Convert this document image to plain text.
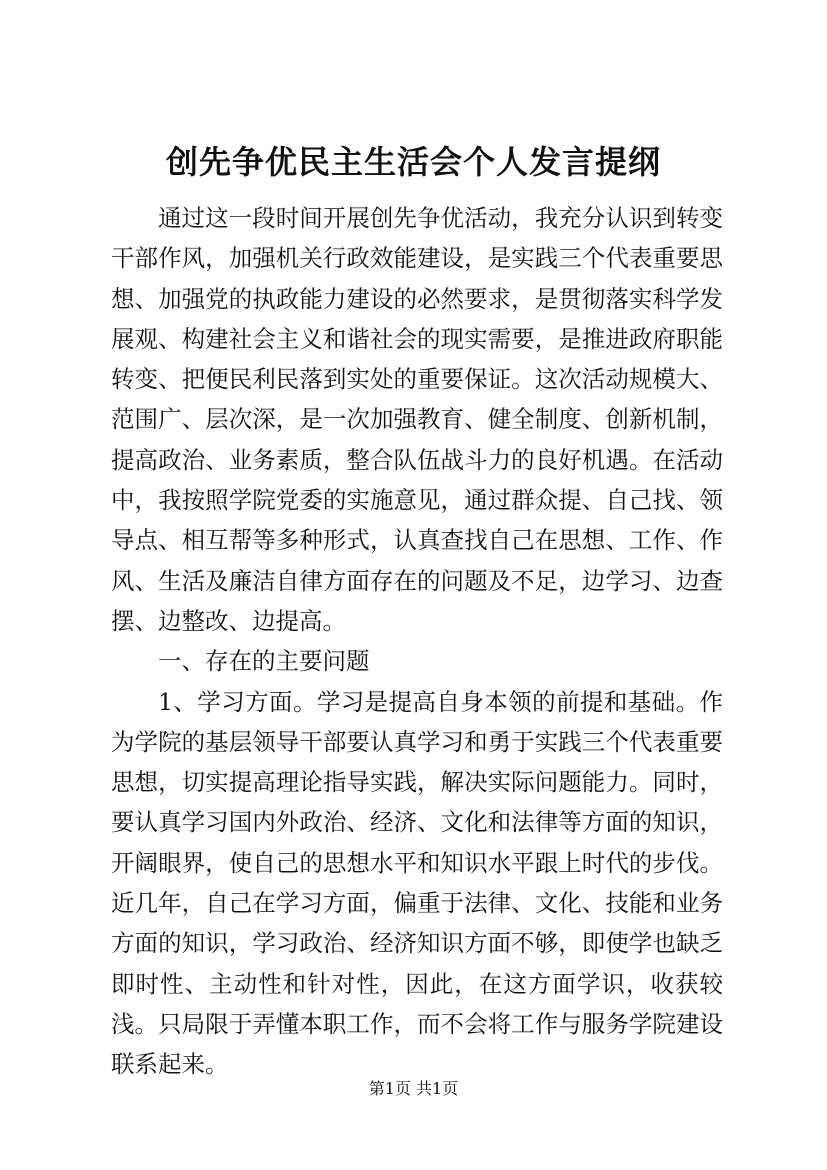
创先争优民主生活会个人发言提纲

通过这一段时间开展创先争优活动，我充分认识到转变干部作风，加强机关行政效能建设，是实践三个代表重要思想、加强党的执政能力建设的必然要求，是贯彻落实科学发展观、构建社会主义和谐社会的现实需要，是推进政府职能转变、把便民利民落到实处的重要保证。这次活动规模大、范围广、层次深，是一次加强教育、健全制度、创新机制，提高政治、业务素质，整合队伍战斗力的良好机遇。在活动中，我按照学院党委的实施意见，通过群众提、自己找、领导点、相互帮等多种形式，认真查找自己在思想、工作、作风、生活及廉洁自律方面存在的问题及不足，边学习、边查摆、边整改、边提高。

一、存在的主要问题

1、学习方面。学习是提高自身本领的前提和基础。作为学院的基层领导干部要认真学习和勇于实践三个代表重要思想，切实提高理论指导实践，解决实际问题能力。同时，要认真学习国内外政治、经济、文化和法律等方面的知识，开阔眼界，使自己的思想水平和知识水平跟上时代的步伐。近几年，自己在学习方面，偏重于法律、文化、技能和业务方面的知识，学习政治、经济知识方面不够，即使学也缺乏即时性、主动性和针对性，因此，在这方面学识，收获较浅。只局限于弄懂本职工作，而不会将工作与服务学院建设联系起来。

第1页 共1页
